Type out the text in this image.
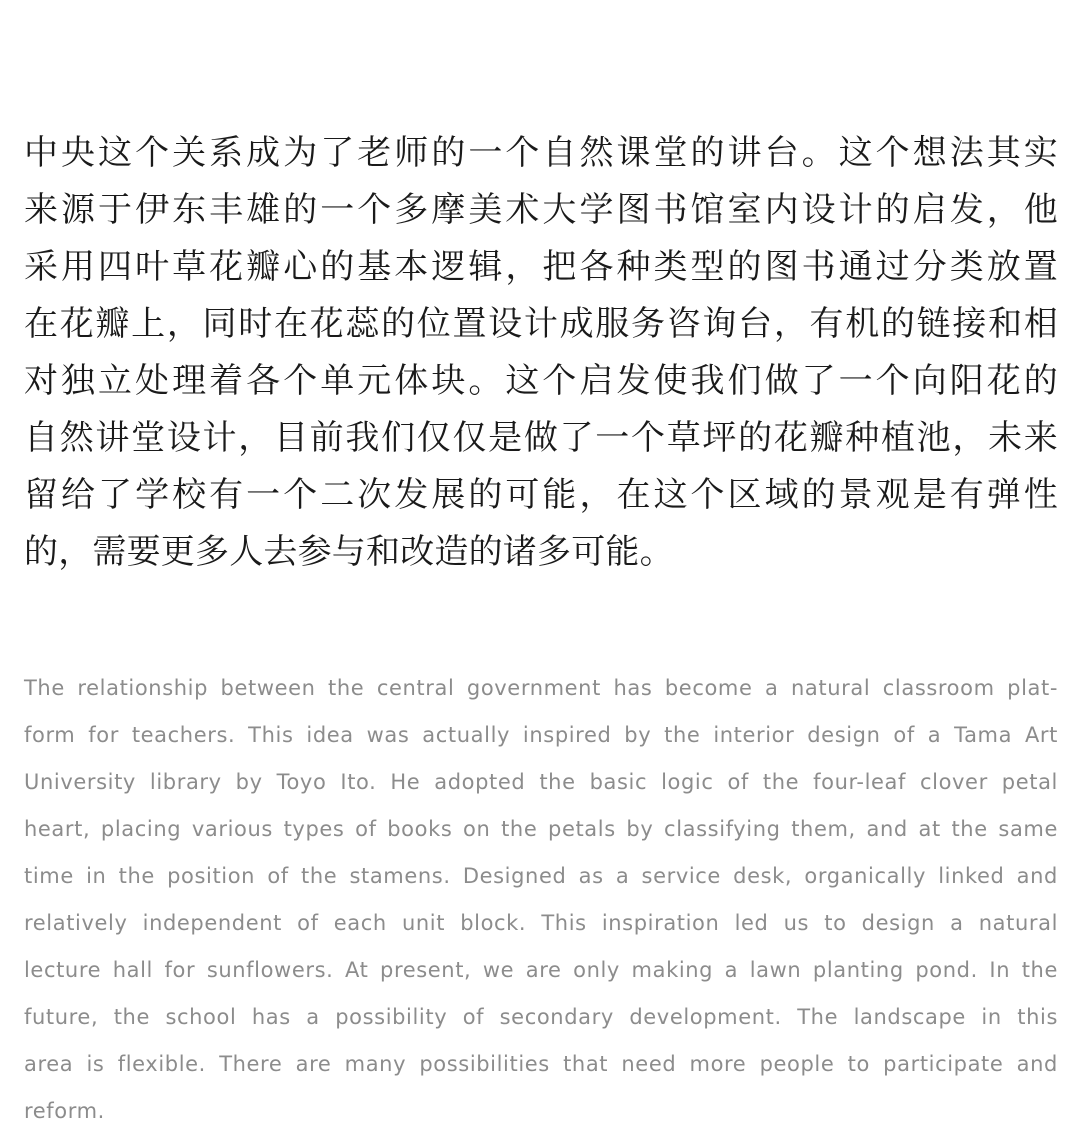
中央这个关系成为了老师的一个自然课堂的讲台。这个想法其实
来源于伊东丰雄的一个多摩美术大学图书馆室内设计的启发，他
采用四叶草花瓣心的基本逻辑，把各种类型的图书通过分类放置
在花瓣上，同时在花蕊的位置设计成服务咨询台，有机的链接和相
对独立处理着各个单元体块。这个启发使我们做了一个向阳花的
自然讲堂设计，目前我们仅仅是做了一个草坪的花瓣种植池，未来
留给了学校有一个二次发展的可能，在这个区域的景观是有弹性
的，需要更多人去参与和改造的诸多可能。
The relationship between the central government has become a natural classroom plat-
form for teachers. This idea was actually inspired by the interior design of a Tama Art
University library by Toyo Ito. He adopted the basic logic of the four-leaf clover petal
heart, placing various types of books on the petals by classifying them, and at the same
time in the position of the stamens. Designed as a service desk, organically linked and
relatively independent of each unit block. This inspiration led us to design a natural
lecture hall for sunflowers. At present, we are only making a lawn planting pond. In the
future, the school has a possibility of secondary development. The landscape in this
area is flexible. There are many possibilities that need more people to participate and
reform.
